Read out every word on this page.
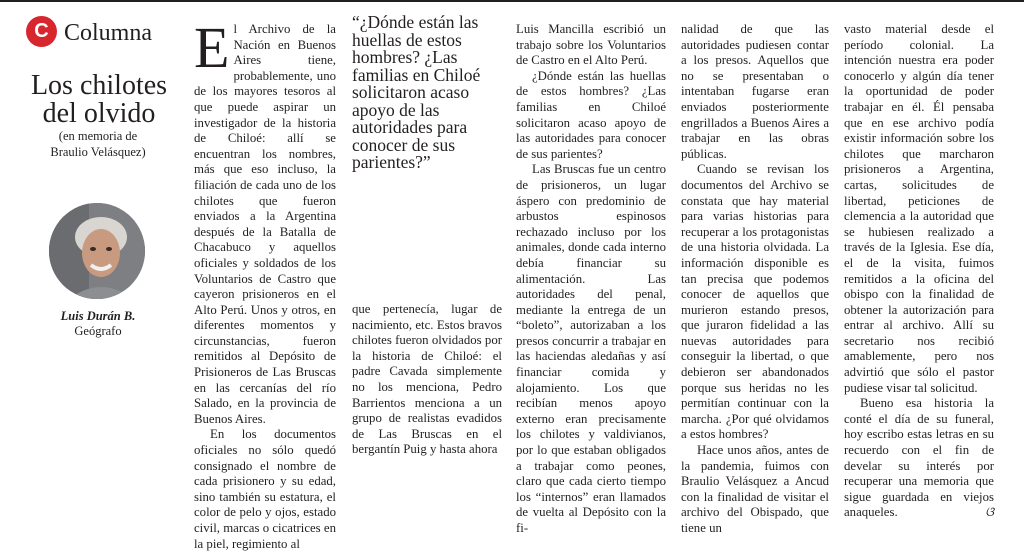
C Columna
Los chilotes
del olvido
(en memoria de
Braulio Velásquez)
Luis Durán B.
Geógrafo

El Archivo de la Nación en Buenos Aires tiene, probablemente, uno de los mayores tesoros al que puede aspirar un investigador de la historia de Chiloé: allí se encuentran los nombres, más que eso incluso, la filiación de cada uno de los chilotes que fueron enviados a la Argentina después de la Batalla de Chacabuco y aquellos oficiales y soldados de los Voluntarios de Castro que cayeron prisioneros en el Alto Perú. Unos y otros, en diferentes momentos y circunstancias, fueron remitidos al Depósito de Prisioneros de Las Bruscas en las cercanías del río Salado, en la provincia de Buenos Aires.

En los documentos oficiales no sólo quedó consignado el nombre de cada prisionero y su edad, sino también su estatura, el color de pelo y ojos, estado civil, marcas o cicatrices en la piel, regimiento al

“¿Dónde están las huellas de estos hombres? ¿Las familias en Chiloé solicitaron acaso apoyo de las autoridades para conocer de sus parientes?”

que pertenecía, lugar de nacimiento, etc. Estos bravos chilotes fueron olvidados por la historia de Chiloé: el padre Cavada simplemente no los menciona, Pedro Barrientos menciona a un grupo de realistas evadidos de Las Bruscas en el bergantín Puig y hasta ahora

Luis Mancilla escribió un trabajo sobre los Voluntarios de Castro en el Alto Perú.

¿Dónde están las huellas de estos hombres? ¿Las familias en Chiloé solicitaron acaso apoyo de las autoridades para conocer de sus parientes?

Las Bruscas fue un centro de prisioneros, un lugar áspero con predominio de arbustos espinosos rechazado incluso por los animales, donde cada interno debía financiar su alimentación. Las autoridades del penal, mediante la entrega de un “boleto”, autorizaban a los presos concurrir a trabajar en las haciendas aledañas y así financiar comida y alojamiento. Los que recibían menos apoyo externo eran precisamente los chilotes y valdivianos, por lo que estaban obligados a trabajar como peones, claro que cada cierto tiempo los “internos” eran llamados de vuelta al Depósito con la fi-

nalidad de que las autoridades pudiesen contar a los presos. Aquellos que no se presentaban o intentaban fugarse eran enviados posteriormente engrillados a Buenos Aires a trabajar en las obras públicas.

Cuando se revisan los documentos del Archivo se constata que hay material para varias historias para recuperar a los protagonistas de una historia olvidada. La información disponible es tan precisa que podemos conocer de aquellos que murieron estando presos, que juraron fidelidad a las nuevas autoridades para conseguir la libertad, o que debieron ser abandonados porque sus heridas no les permitían continuar con la marcha. ¿Por qué olvidamos a estos hombres?

Hace unos años, antes de la pandemia, fuimos con Braulio Velásquez a Ancud con la finalidad de visitar el archivo del Obispado, que tiene un

vasto material desde el período colonial. La intención nuestra era poder conocerlo y algún día tener la oportunidad de poder trabajar en él. Él pensaba que en ese archivo podía existir información sobre los chilotes que marcharon prisioneros a Argentina, cartas, solicitudes de libertad, peticiones de clemencia a la autoridad que se hubiesen realizado a través de la Iglesia. Ese día, el de la visita, fuimos remitidos a la oficina del obispo con la finalidad de obtener la autorización para entrar al archivo. Allí su secretario nos recibió amablemente, pero nos advirtió que sólo el pastor pudiese visar tal solicitud.

Bueno esa historia la conté el día de su funeral, hoy escribo estas letras en su recuerdo con el fin de develar su interés por recuperar una memoria que sigue guardada en viejos anaqueles.	ଓ
